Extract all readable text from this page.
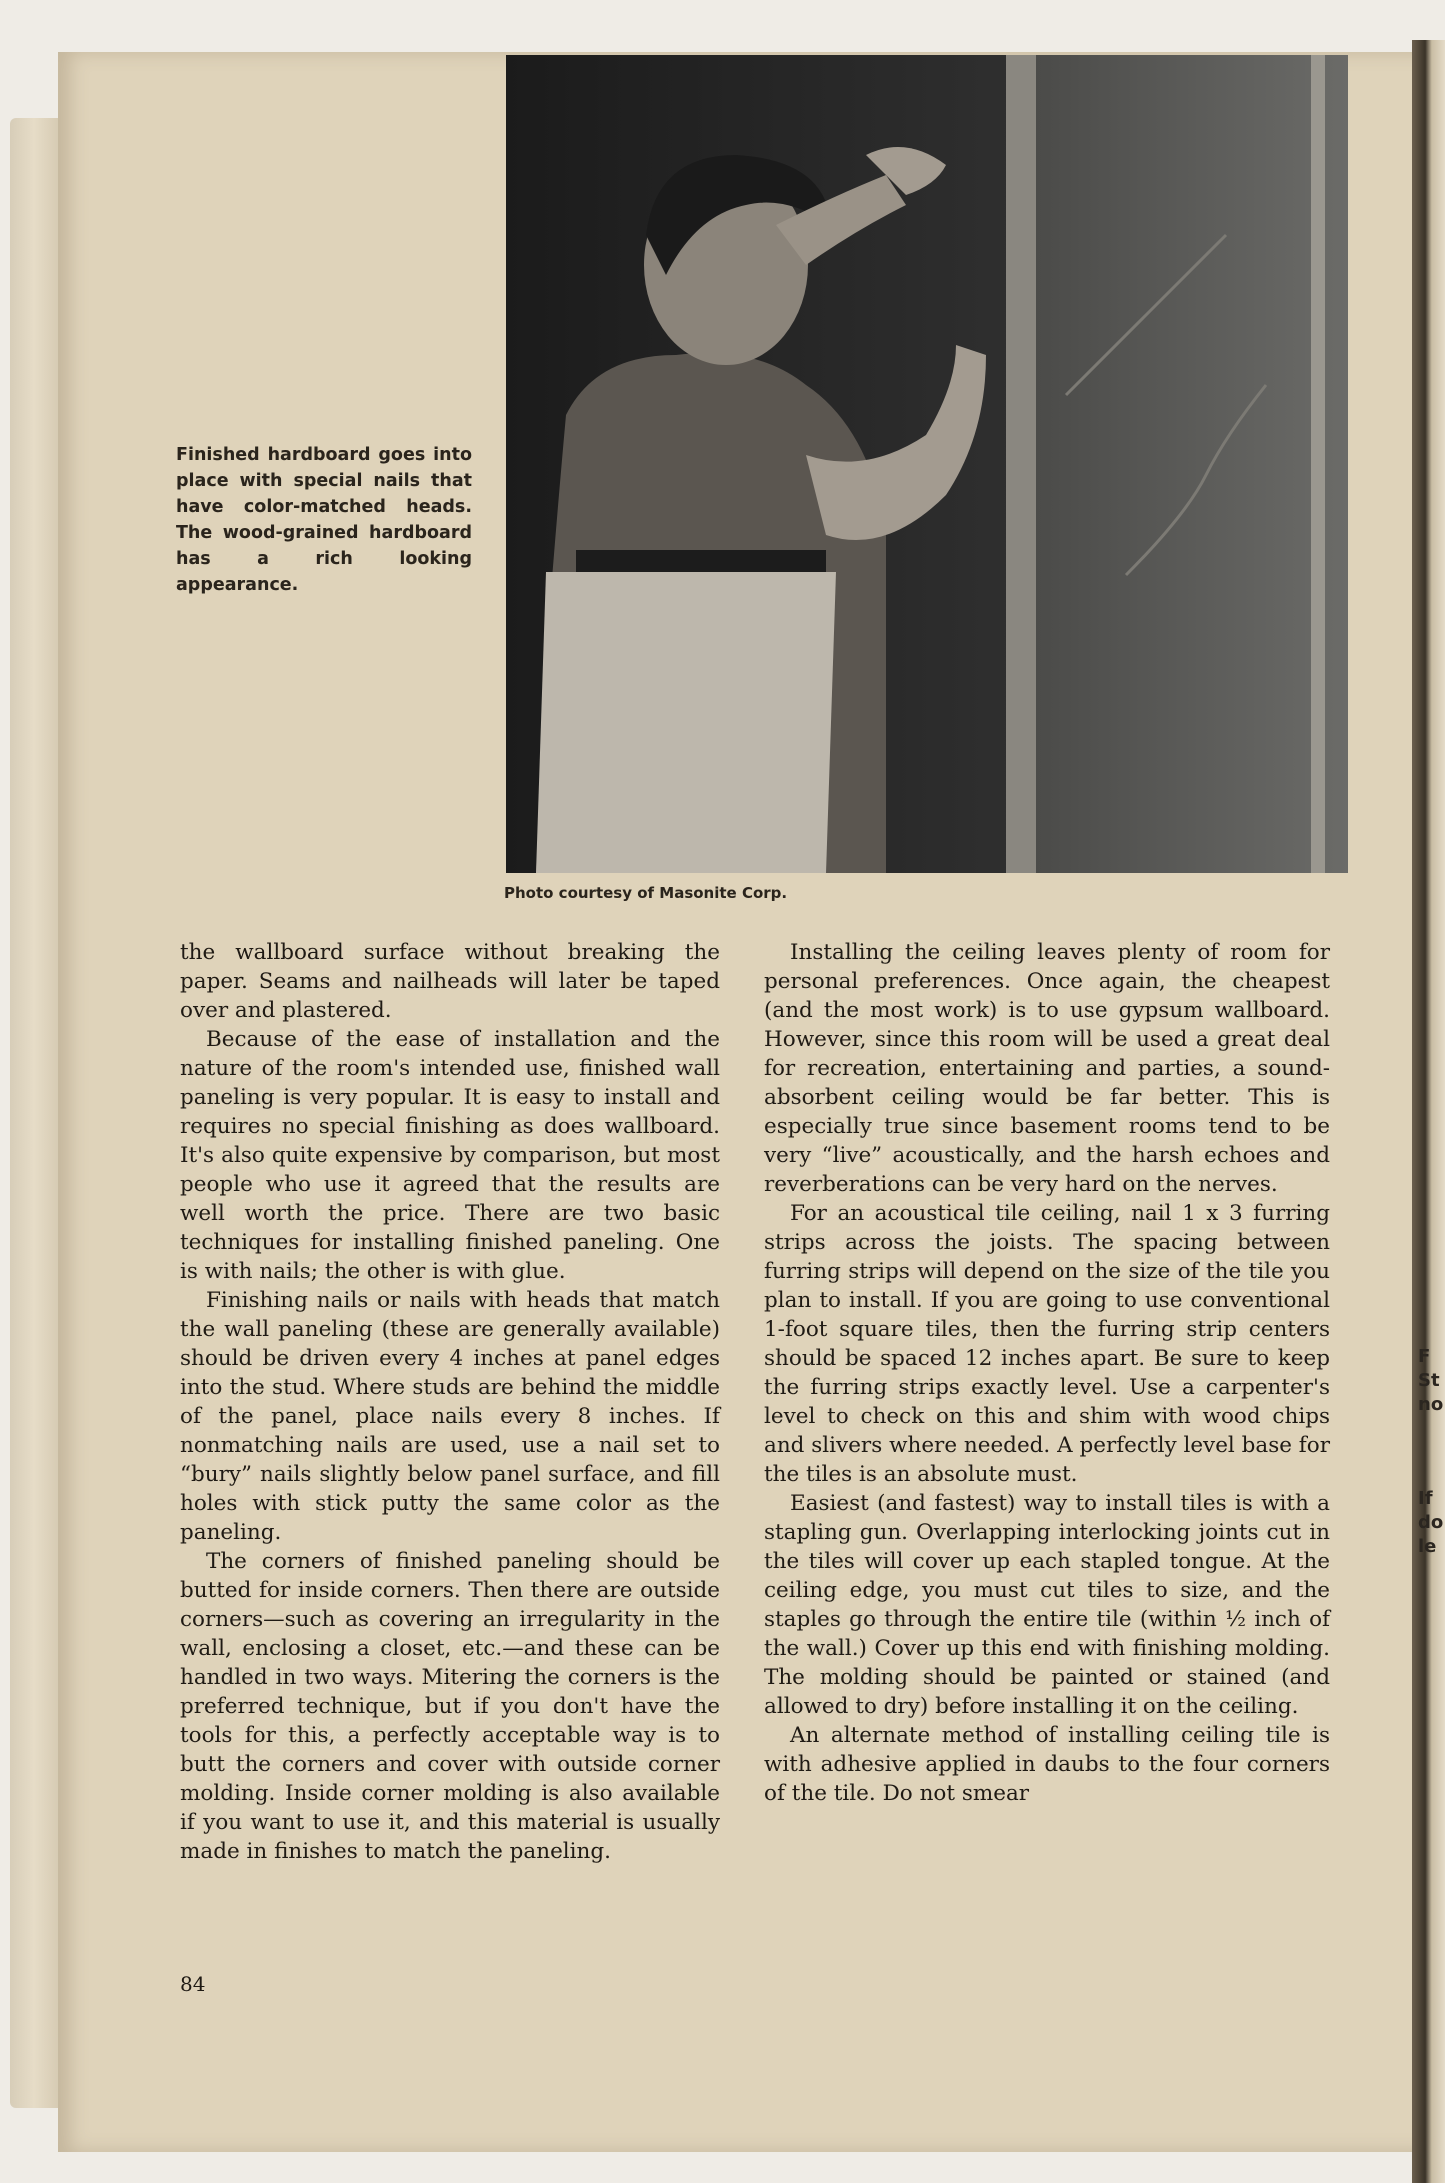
F
St
no
If
do
le
Finished hardboard goes into place with special nails that have color-matched heads. The wood-grained hardboard has a rich looking appearance.
Photo courtesy of Masonite Corp.

the wallboard surface without breaking the paper. Seams and nailheads will later be taped over and plastered.

Because of the ease of installation and the nature of the room's intended use, finished wall paneling is very popular. It is easy to install and requires no special finishing as does wallboard. It's also quite expensive by comparison, but most people who use it agreed that the results are well worth the price. There are two basic techniques for installing finished paneling. One is with nails; the other is with glue.

Finishing nails or nails with heads that match the wall paneling (these are generally available) should be driven every 4 inches at panel edges into the stud. Where studs are behind the middle of the panel, place nails every 8 inches. If nonmatching nails are used, use a nail set to “bury” nails slightly below panel surface, and fill holes with stick putty the same color as the paneling.

The corners of finished paneling should be butted for inside corners. Then there are outside corners—such as covering an irregularity in the wall, enclosing a closet, etc.—and these can be handled in two ways. Mitering the corners is the preferred technique, but if you don't have the tools for this, a perfectly acceptable way is to butt the corners and cover with outside corner molding. Inside corner molding is also available if you want to use it, and this material is usually made in finishes to match the paneling.

Installing the ceiling leaves plenty of room for personal preferences. Once again, the cheapest (and the most work) is to use gypsum wallboard. However, since this room will be used a great deal for recreation, entertaining and parties, a sound-absorbent ceiling would be far better. This is especially true since basement rooms tend to be very “live” acoustically, and the harsh echoes and reverberations can be very hard on the nerves.

For an acoustical tile ceiling, nail 1 x 3 furring strips across the joists. The spacing between furring strips will depend on the size of the tile you plan to install. If you are going to use conventional 1-foot square tiles, then the furring strip centers should be spaced 12 inches apart. Be sure to keep the furring strips exactly level. Use a carpenter's level to check on this and shim with wood chips and slivers where needed. A perfectly level base for the tiles is an absolute must.

Easiest (and fastest) way to install tiles is with a stapling gun. Overlapping interlocking joints cut in the tiles will cover up each stapled tongue. At the ceiling edge, you must cut tiles to size, and the staples go through the entire tile (within ½ inch of the wall.) Cover up this end with finishing molding. The molding should be painted or stained (and allowed to dry) before installing it on the ceiling.

An alternate method of installing ceiling tile is with adhesive applied in daubs to the four corners of the tile. Do not smear

84
